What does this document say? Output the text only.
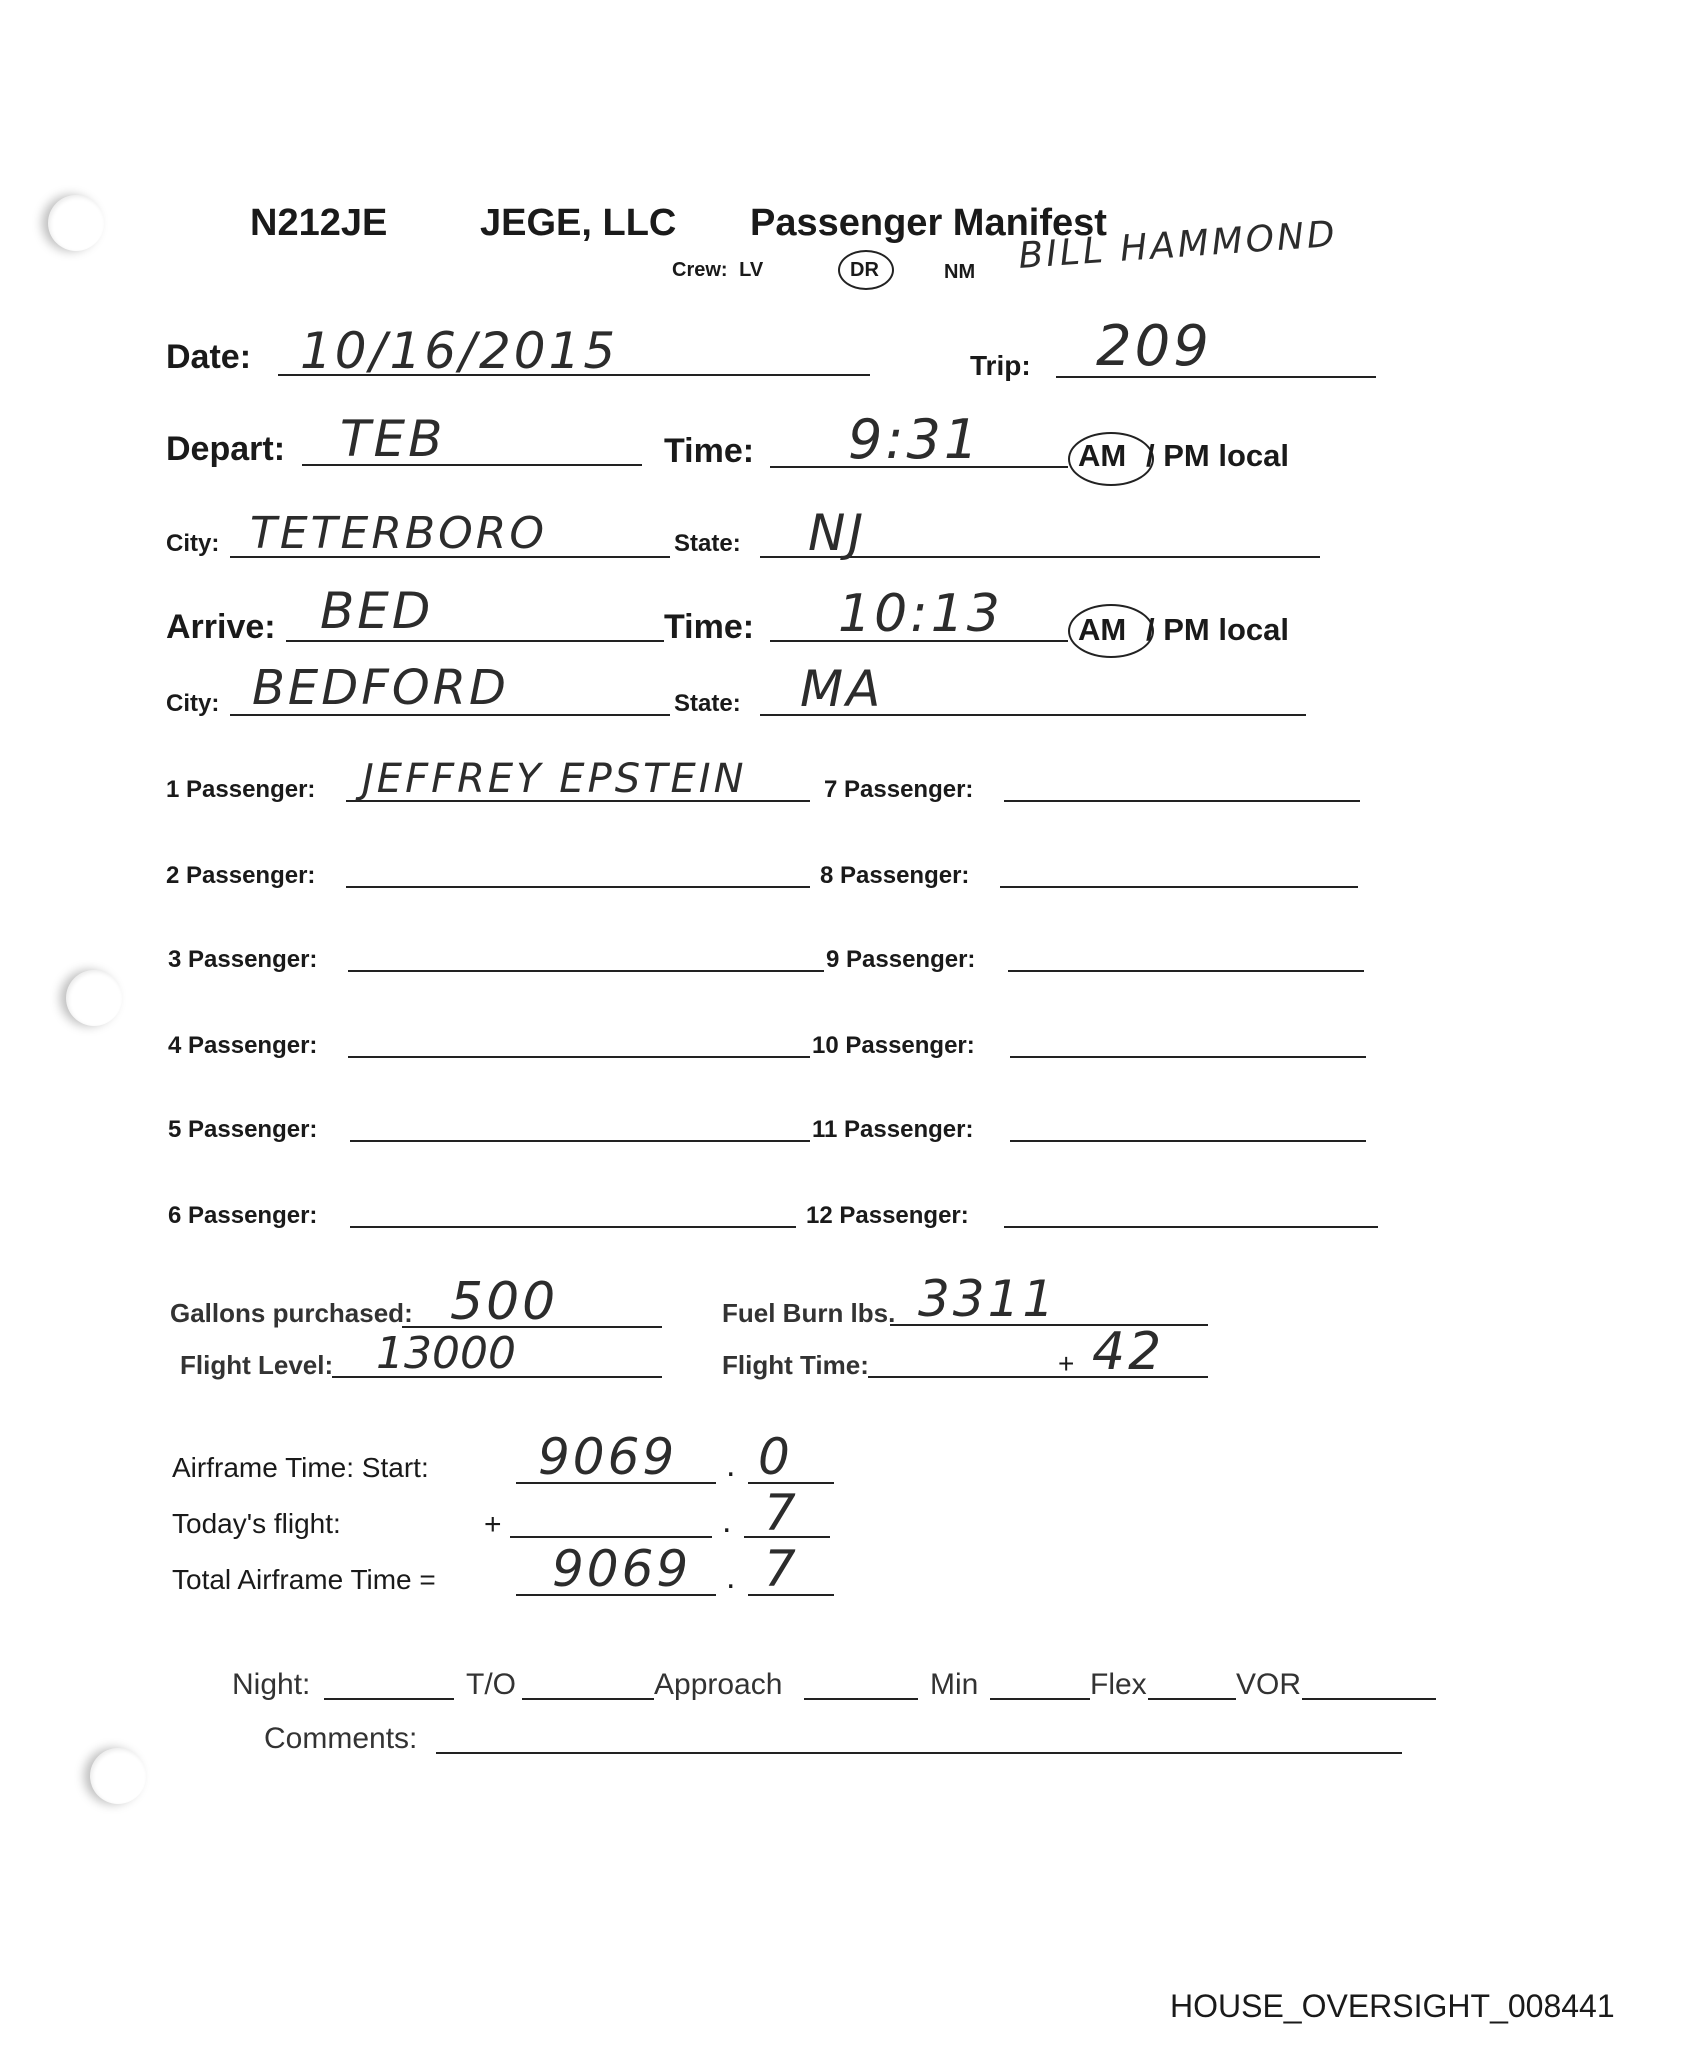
N212JE JEGE, LLC Passenger Manifest
Crew: LV	DR	NM BILL HAMMOND
Date: 10/16/2015	Trip: 209
Depart: TEB	Time: 9:31	AM / PM local
City: TETERBORO	State: NJ
Arrive: BED	Time: 10:13 AM / PM local
City: BEDFORD	State: MA
1 Passenger: JEFFREY EPSTEIN	7 Passenger:
2 Passenger:	8 Passenger:
3 Passenger:	9 Passenger:
4 Passenger:	10 Passenger:
5 Passenger:	11 Passenger:
6 Passenger:	12 Passenger:
Gallons purchased: 500	Fuel Burn lbs. 3311
Flight Level: 13000	Flight Time:	+ 42
Airframe Time: Start: 9069 . 0
Today's flight:	+	. 7
Total Airframe Time = 9069 . 7
Night:	T/O	Approach	Min	Flex	VOR
Comments:
HOUSE_OVERSIGHT_008441
